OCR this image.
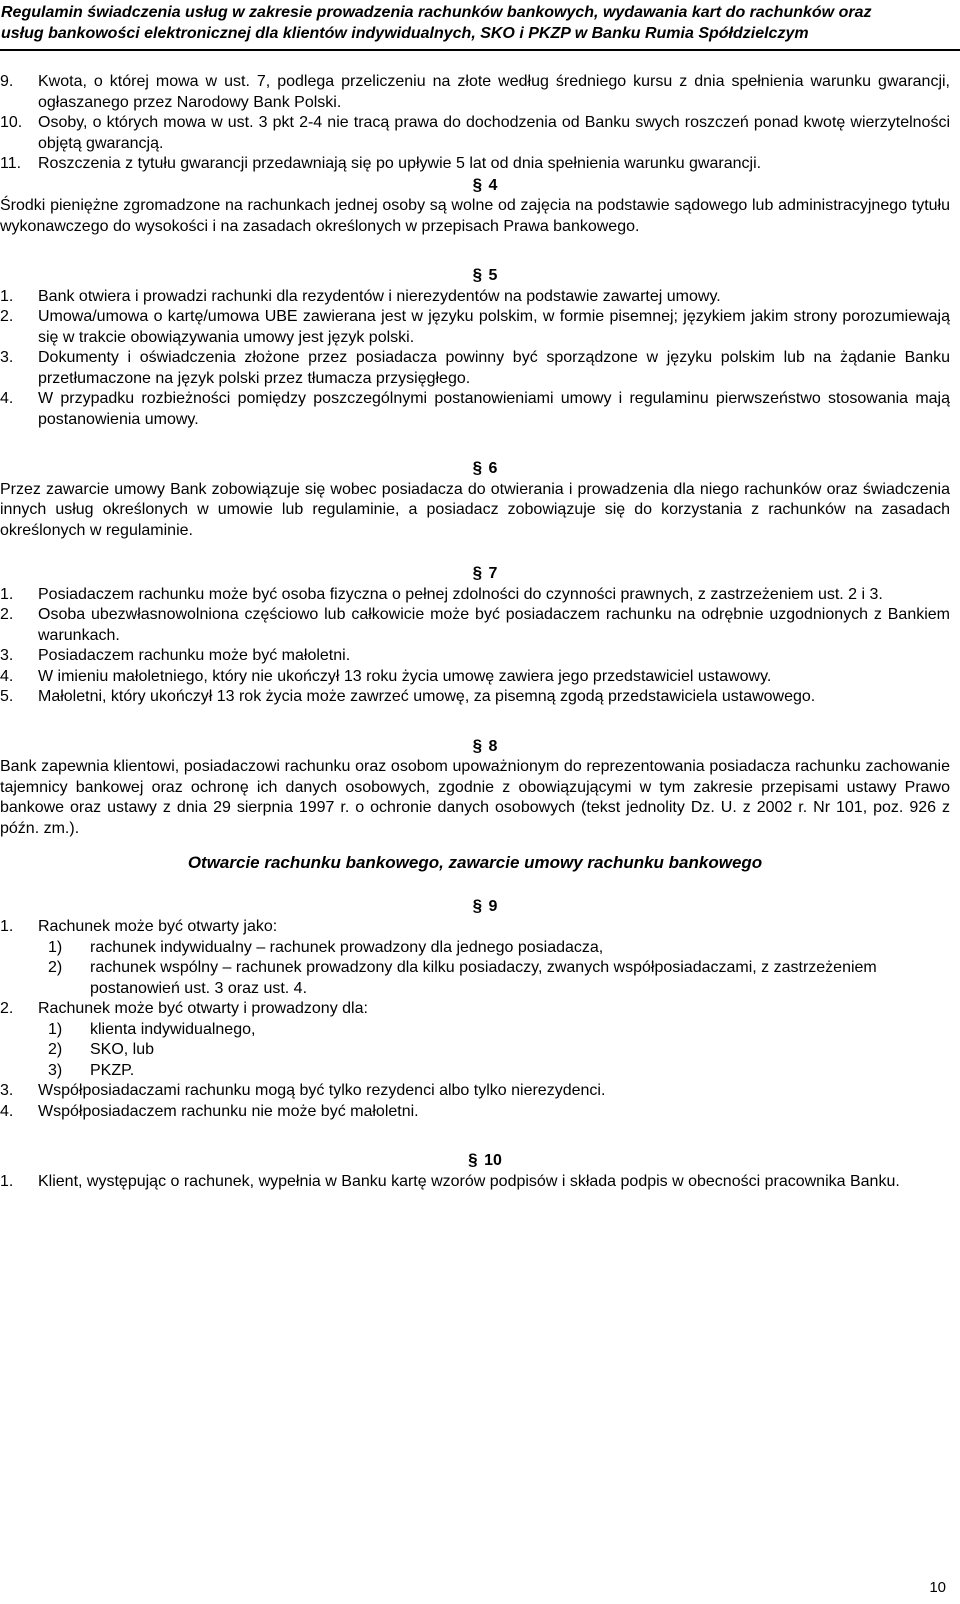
Regulamin świadczenia usług w zakresie prowadzenia rachunków bankowych, wydawania kart do rachunków oraz
usług bankowości elektronicznej dla klientów indywidualnych, SKO i PKZP w Banku Rumia Spółdzielczym
9.	Kwota, o której mowa w ust. 7, podlega przeliczeniu na złote według średniego kursu z dnia spełnienia warunku gwarancji, ogłaszanego przez Narodowy Bank Polski.
10. Osoby, o których mowa w ust. 3 pkt 2-4 nie tracą prawa do dochodzenia od Banku swych roszczeń ponad kwotę wierzytelności objętą gwarancją.
11.	Roszczenia z tytułu gwarancji przedawniają się po upływie 5 lat od dnia spełnienia warunku gwarancji.
§ 4
Środki pieniężne zgromadzone na rachunkach jednej osoby są wolne od zajęcia na podstawie sądowego lub administracyjnego tytułu wykonawczego do wysokości i na zasadach określonych w przepisach Prawa bankowego.
§ 5
1.	Bank otwiera i prowadzi rachunki dla rezydentów i nierezydentów na podstawie zawartej umowy.
2.	Umowa/umowa o kartę/umowa UBE zawierana jest w języku polskim, w formie pisemnej; językiem jakim strony porozumiewają się w trakcie obowiązywania umowy jest język polski.
3.	Dokumenty i oświadczenia złożone przez posiadacza powinny być sporządzone w języku polskim lub na żądanie Banku przetłumaczone na język polski przez tłumacza przysięgłego.
4.	W przypadku rozbieżności pomiędzy poszczególnymi postanowieniami umowy i regulaminu pierwszeństwo stosowania mają postanowienia umowy.
§ 6
Przez zawarcie umowy Bank zobowiązuje się wobec posiadacza do otwierania i prowadzenia dla niego rachunków oraz świadczenia innych usług określonych w umowie lub regulaminie, a posiadacz zobowiązuje się do korzystania z rachunków na zasadach określonych w regulaminie.
§ 7
1.	Posiadaczem rachunku może być osoba fizyczna o pełnej zdolności do czynności prawnych, z zastrzeżeniem ust. 2 i 3.
2.	Osoba ubezwłasnowolniona częściowo lub całkowicie może być posiadaczem rachunku na odrębnie uzgodnionych z Bankiem warunkach.
3.	Posiadaczem rachunku może być małoletni.
4.	W imieniu małoletniego, który nie ukończył 13 roku życia umowę zawiera jego przedstawiciel ustawowy.
5.	Małoletni, który ukończył 13 rok życia może zawrzeć umowę, za pisemną zgodą przedstawiciela ustawowego.
§ 8
Bank zapewnia klientowi, posiadaczowi rachunku oraz osobom upoważnionym do reprezentowania posiadacza rachunku zachowanie tajemnicy bankowej oraz ochronę ich danych osobowych, zgodnie z obowiązującymi w tym zakresie przepisami ustawy Prawo bankowe oraz ustawy z dnia 29 sierpnia 1997 r. o ochronie danych osobowych (tekst jednolity Dz. U. z 2002 r. Nr 101, poz. 926 z późn. zm.).
Otwarcie rachunku bankowego, zawarcie umowy rachunku bankowego
§ 9
1.	Rachunek może być otwarty jako:
1)	rachunek indywidualny – rachunek prowadzony dla jednego posiadacza,
2)	rachunek wspólny – rachunek prowadzony dla kilku posiadaczy, zwanych współposiadaczami, z zastrzeżeniem postanowień ust. 3 oraz ust. 4.
2.	Rachunek może być otwarty i prowadzony dla:
1)	klienta indywidualnego,
2)	SKO, lub
3)	PKZP.
3.	Współposiadaczami rachunku mogą być tylko rezydenci albo tylko nierezydenci.
4.	Współposiadaczem rachunku nie może być małoletni.
§ 10
1.	Klient, występując o rachunek, wypełnia w Banku kartę wzorów podpisów i składa podpis w obecności pracownika Banku.
10
